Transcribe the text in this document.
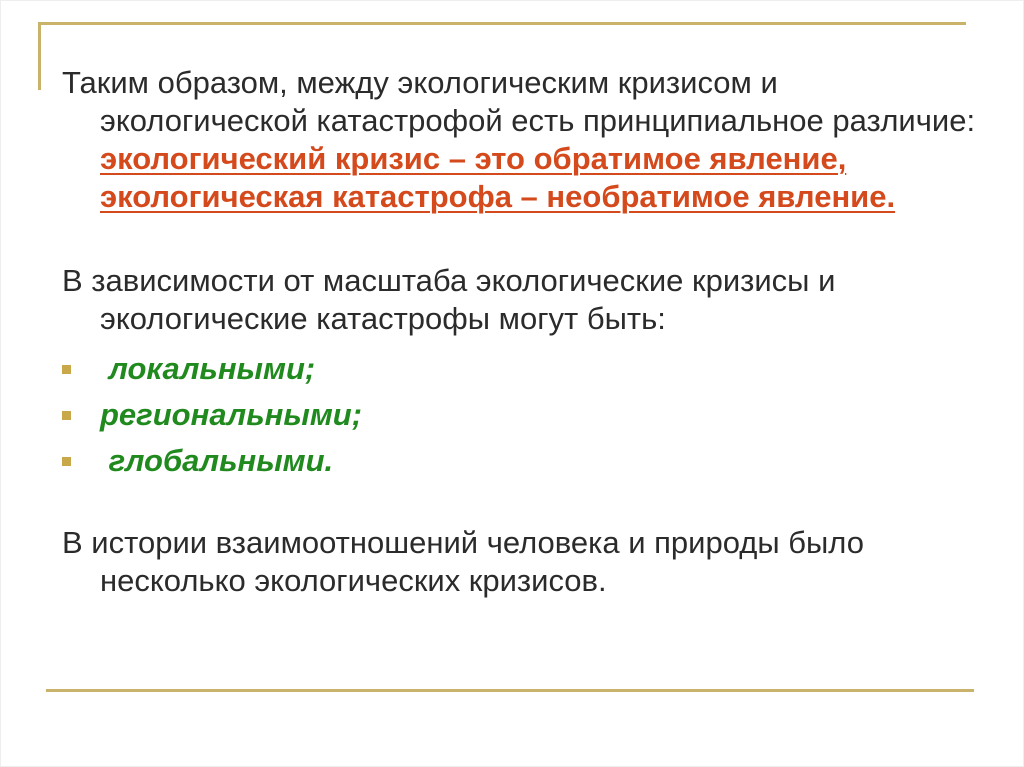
Таким образом, между экологическим кризисом и экологической катастрофой есть принципиальное различие: экологический кризис – это обратимое явление, экологическая катастрофа – необратимое явление.

В зависимости от масштаба экологические кризисы и экологические катастрофы могут быть:

локальными;
региональными;
глобальными.

В истории взаимоотношений человека и природы было несколько экологических кризисов.
